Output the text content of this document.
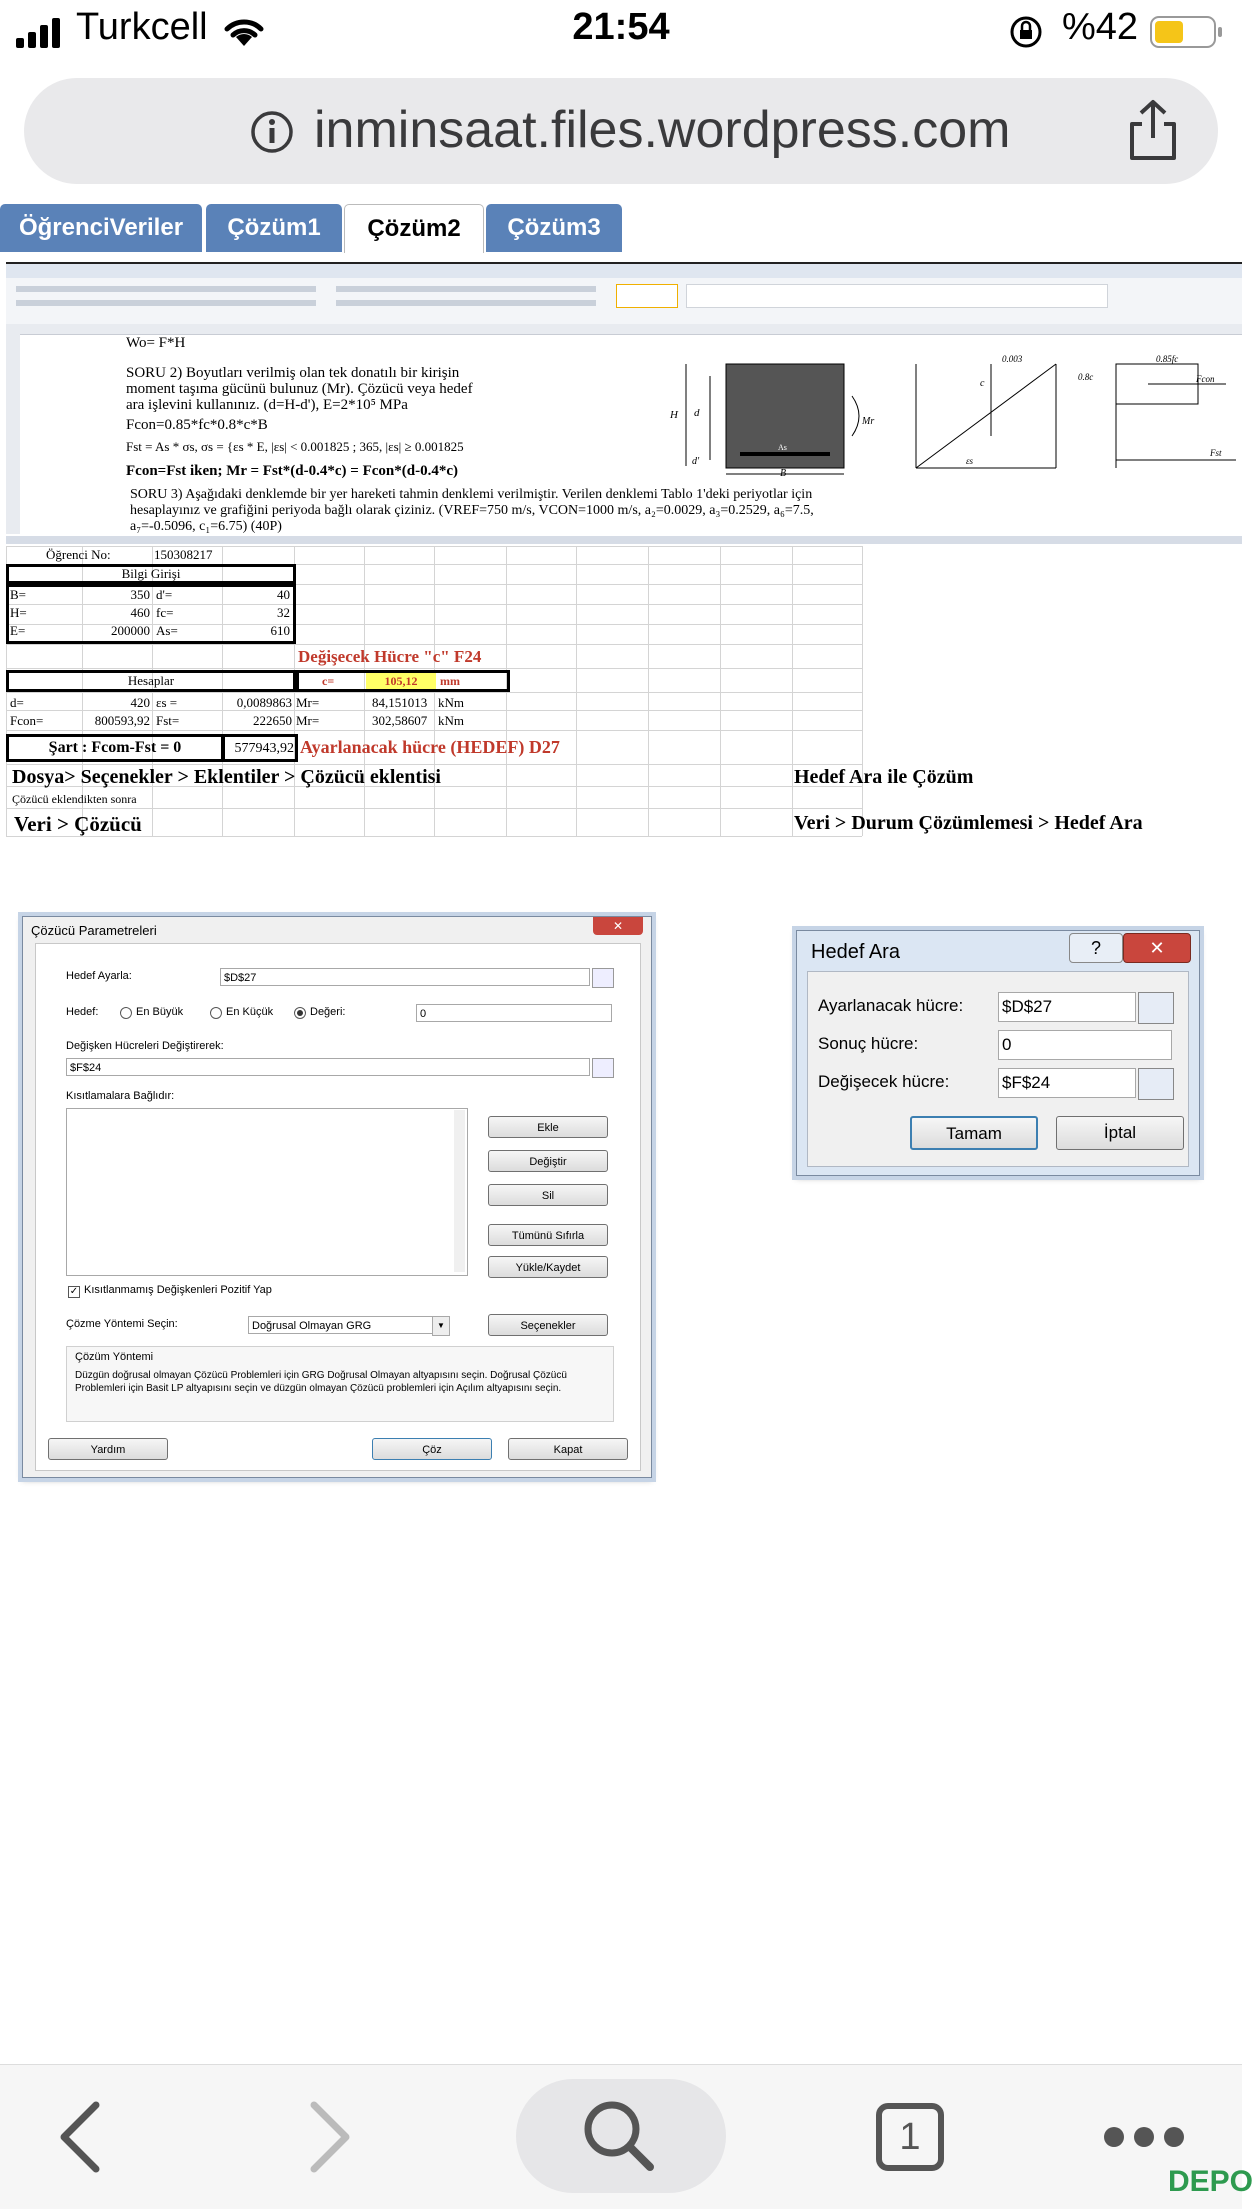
Turkcell	21:54	%42
inminsaat.files.wordpress.com
ÖğrenciVeriler	Çözüm1	Çözüm2	Çözüm3
Wo= F*H
SORU 2) Boyutları verilmiş olan tek donatılı bir kirişin
moment taşıma gücünü bulunuz (Mr). Çözücü veya hedef
ara işlevini kullanınız. (d=H-d'), E=2*10⁵ MPa
Fcon=0.85*fc*0.8*c*B
Fst = As * σs, σs = {εs * E, |εs| < 0.001825 ; 365, |εs| ≥ 0.001825
Fcon=Fst iken; Mr = Fst*(d-0.4*c) = Fcon*(d-0.4*c)
H d
d'
B
Mr
As
c
εs
0.003	0.85fc
0.8c	Fcon
Fst
SORU 3) Aşağıdaki denklemde bir yer hareketi tahmin denklemi verilmiştir. Verilen denklemi Tablo 1'deki periyotlar için
hesaplayınız ve grafiğini periyoda bağlı olarak çiziniz. (VREF=750 m/s, VCON=1000 m/s, a₂=0.0029, a₃=0.2529, a₆=7.5,
a₇=-0.5096, c₁=6.75) (40P)
Öğrenci No:	150308217
Bilgi Girişi
B=	350 d'=	40
H=	460 fc=	32
E=	200000 As=	610
Değişecek Hücre "c" F24
Hesaplar	c=	105,12	mm
d=	420 εs =	0,0089863 Mr=	84,151013 kNm
Fcon=	800593,92 Fst=	222650 Mr=	302,58607 kNm
Şart : Fcom-Fst = 0	577943,92 Ayarlanacak hücre (HEDEF) D27
Dosya> Seçenekler > Eklentiler > Çözücü eklentisi
Çözücü eklendikten sonra
Veri > Çözücü
Hedef Ara ile Çözüm
Veri > Durum Çözümlemesi > Hedef Ara
Çözücü Parametreleri	✕
Hedef Ayarla:	$D$27
Hedef:	En Büyük	En Küçük	Değeri:	0
Değişken Hücreleri Değiştirerek:
$F$24
Kısıtlamalara Bağlıdır:
Ekle
Değiştir
Sil
Tümünü Sıfırla
Yükle/Kaydet
✓ Kısıtlanmamış Değişkenleri Pozitif Yap
Çözme Yöntemi Seçin:	Doğrusal Olmayan GRG	▼	Seçenekler
Çözüm Yöntemi
Düzgün doğrusal olmayan Çözücü Problemleri için GRG Doğrusal Olmayan altyapısını seçin. Doğrusal Çözücü Problemleri için Basit LP altyapısını seçin ve düzgün olmayan Çözücü problemleri için Açılım altyapısını seçin.
Yardım	Çöz	Kapat
Hedef Ara	?	✕
Ayarlanacak hücre: $D$27
Sonuç hücre:	0
Değişecek hücre:	$F$24
Tamam	İptal
1
DEPO
